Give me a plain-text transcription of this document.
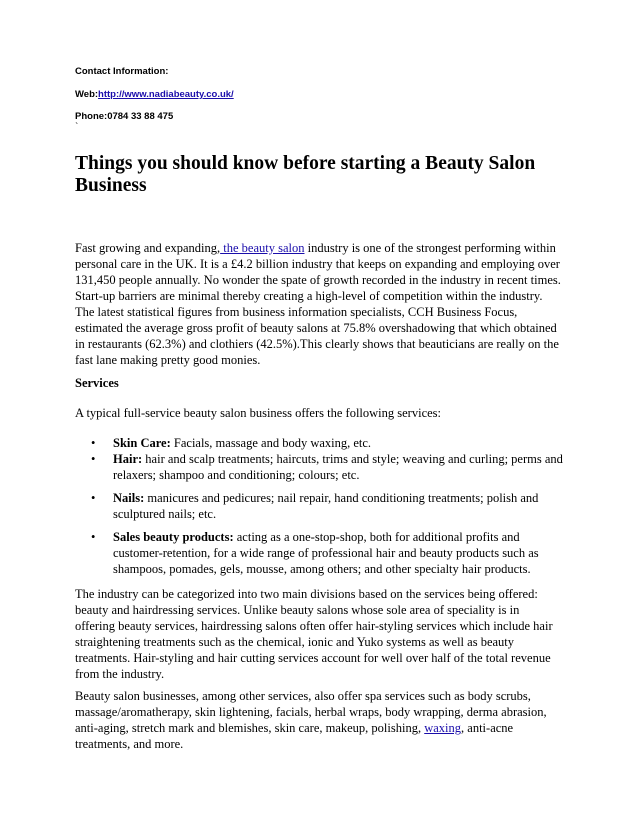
Contact Information:
Web:http://www.nadiabeauty.co.uk/
Phone:0784 33 88 475
`
Things you should know before starting a Beauty Salon
Business
Fast growing and expanding, the beauty salon industry is one of the strongest performing within
personal care in the UK. It is a £4.2 billion industry that keeps on expanding and employing over
131,450 people annually. No wonder the spate of growth recorded in the industry in recent times.
Start-up barriers are minimal thereby creating a high-level of competition within the industry.
The latest statistical figures from business information specialists, CCH Business Focus,
estimated the average gross profit of beauty salons at 75.8% overshadowing that which obtained
in restaurants (62.3%) and clothiers (42.5%).This clearly shows that beauticians are really on the
fast lane making pretty good monies.
Services
A typical full-service beauty salon business offers the following services:
• Skin Care: Facials, massage and body waxing, etc.
• Hair: hair and scalp treatments; haircuts, trims and style; weaving and curling; perms and
relaxers; shampoo and conditioning; colours; etc.
• Nails: manicures and pedicures; nail repair, hand conditioning treatments; polish and
sculptured nails; etc.
• Sales beauty products: acting as a one-stop-shop, both for additional profits and
customer-retention, for a wide range of professional hair and beauty products such as
shampoos, pomades, gels, mousse, among others; and other specialty hair products.
The industry can be categorized into two main divisions based on the services being offered:
beauty and hairdressing services. Unlike beauty salons whose sole area of speciality is in
offering beauty services, hairdressing salons often offer hair-styling services which include hair
straightening treatments such as the chemical, ionic and Yuko systems as well as beauty
treatments. Hair-styling and hair cutting services account for well over half of the total revenue
from the industry.
Beauty salon businesses, among other services, also offer spa services such as body scrubs,
massage/aromatherapy, skin lightening, facials, herbal wraps, body wrapping, derma abrasion,
anti-aging, stretch mark and blemishes, skin care, makeup, polishing, waxing, anti-acne
treatments, and more.
